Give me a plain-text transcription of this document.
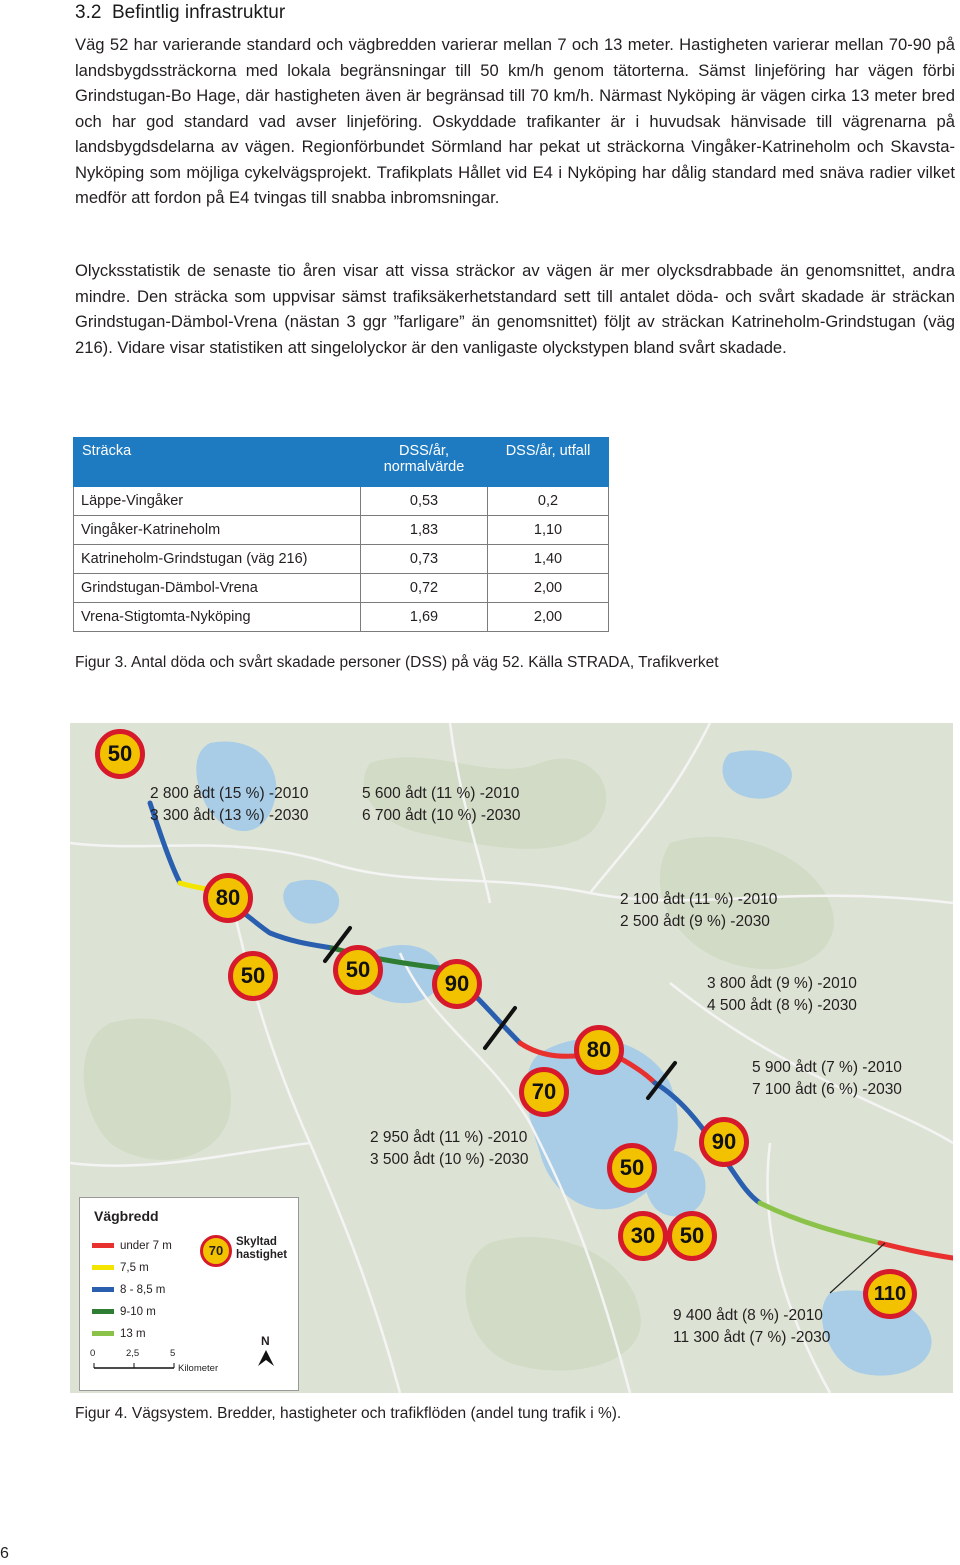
3.2 Befintlig infrastruktur

Väg 52 har varierande standard och vägbredden varierar mellan 7 och 13 meter. Hastigheten varierar mellan 70-90 på landsbygdssträckorna med lokala begränsningar till 50 km/h genom tätorterna. Sämst linjeföring har vägen förbi Grindstugan-Bo Hage, där hastigheten även är begränsad till 70 km/h. Närmast Nyköping är vägen cirka 13 meter bred och har god standard vad avser linjeföring. Oskyddade trafikanter är i huvudsak hänvisade till vägrenarna på landsbygdsdelarna av vägen. Regionförbundet Sörmland har pekat ut sträckorna Vingåker-Katrineholm och Skavsta-Nyköping som möjliga cykelvägsprojekt. Trafikplats Hållet vid E4 i Nyköping har dålig standard med snäva radier vilket medför att fordon på E4 tvingas till snabba inbromsningar.

Olycksstatistik de senaste tio åren visar att vissa sträckor av vägen är mer olycksdrabbade än genomsnittet, andra mindre. Den sträcka som uppvisar sämst trafiksäkerhetstandard sett till antalet döda- och svårt skadade är sträckan Grindstugan-Dämbol-Vrena (nästan 3 ggr ”farligare” än genomsnittet) följt av sträckan Katrineholm-Grindstugan (väg 216). Vidare visar statistiken att singelolyckor är den vanligaste olyckstypen bland svårt skadade.

Sträcka	DSS/år, normalvärde	DSS/år, utfall
Läppe-Vingåker	0,53	0,2
Vingåker-Katrineholm	1,83	1,10
Katrineholm-Grindstugan (väg 216)	0,73	1,40
Grindstugan-Dämbol-Vrena	0,72	2,00
Vrena-Stigtomta-Nyköping	1,69	2,00
Figur 3. Antal döda och svårt skadade personer (DSS) på väg 52. Källa STRADA, Trafikverket
2 800 ådt (15 %) -2010
3 300 ådt (13 %) -2030
5 600 ådt (11 %) -2010
6 700 ådt (10 %) -2030
2 100 ådt (11 %) -2010
2 500 ådt (9 %) -2030
3 800 ådt (9 %) -2010
4 500 ådt (8 %) -2030
5 900 ådt (7 %) -2010
7 100 ådt (6 %) -2030
2 950 ådt (11 %) -2010
3 500 ådt (10 %) -2030
9 400 ådt (8 %) -2010
11 300 ådt (7 %) -2030
50
80
50	50
90
70
80
50
90
30	50
110
Vägbredd
under 7 m
7,5 m
8 - 8,5 m
9-10 m
13 m
70
Skyltad hastighet
0	2,5	5
Kilometer
N
Figur 4. Vägsystem. Bredder, hastigheter och trafikflöden (andel tung trafik i %).
6
